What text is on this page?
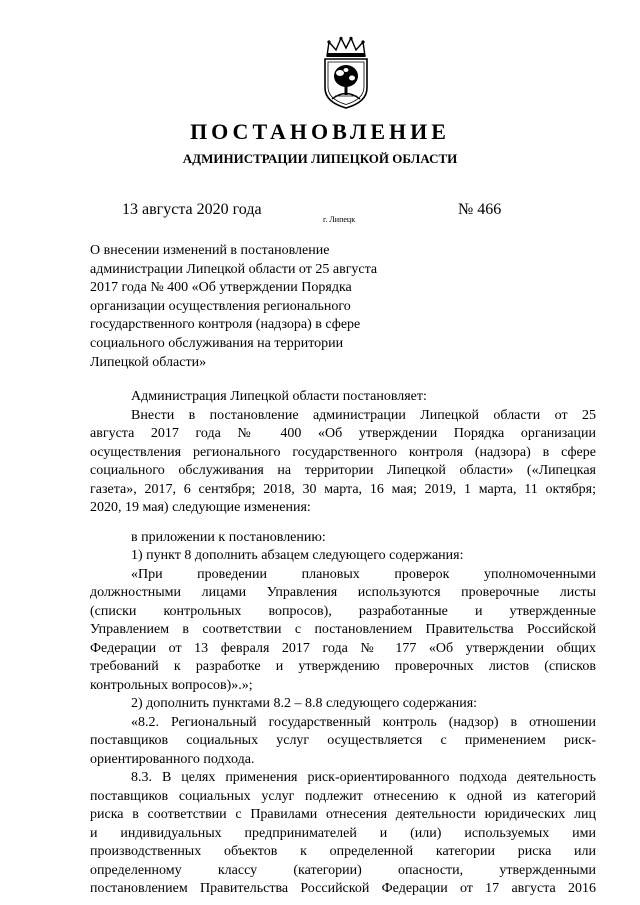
ПОСТАНОВЛЕНИЕ
АДМИНИСТРАЦИИ ЛИПЕЦКОЙ ОБЛАСТИ
13 августа 2020 года
г. Липецк
№ 466
О внесении изменений в постановление
администрации Липецкой области от 25 августа
2017 года № 400 «Об утверждении Порядка
организации осуществления регионального
государственного контроля (надзора) в сфере
социального обслуживания на территории
Липецкой области»

Администрация Липецкой области постановляет:

Внести в постановление администрации Липецкой области от 25

августа 2017 года № 400 «Об утверждении Порядка организации

осуществления регионального государственного контроля (надзора) в сфере

социального обслуживания на территории Липецкой области» («Липецкая

газета», 2017, 6 сентября; 2018, 30 марта, 16 мая; 2019, 1 марта, 11 октября;

2020, 19 мая) следующие изменения:

в приложении к постановлению:

1) пункт 8 дополнить абзацем следующего содержания:

«При проведении плановых проверок уполномоченными

должностными лицами Управления используются проверочные листы

(списки контрольных вопросов), разработанные и утвержденные

Управлением в соответствии с постановлением Правительства Российской

Федерации от 13 февраля 2017 года № 177 «Об утверждении общих

требований к разработке и утверждению проверочных листов (списков

контрольных вопросов)».»;

2) дополнить пунктами 8.2 – 8.8 следующего содержания:

«8.2. Региональный государственный контроль (надзор) в отношении

поставщиков социальных услуг осуществляется с применением риск-

ориентированного подхода.

8.3. В целях применения риск-ориентированного подхода деятельность

поставщиков социальных услуг подлежит отнесению к одной из категорий

риска в соответствии с Правилами отнесения деятельности юридических лиц

и индивидуальных предпринимателей и (или) используемых ими

производственных объектов к определенной категории риска или

определенному классу (категории) опасности, утвержденными

постановлением Правительства Российской Федерации от 17 августа 2016
